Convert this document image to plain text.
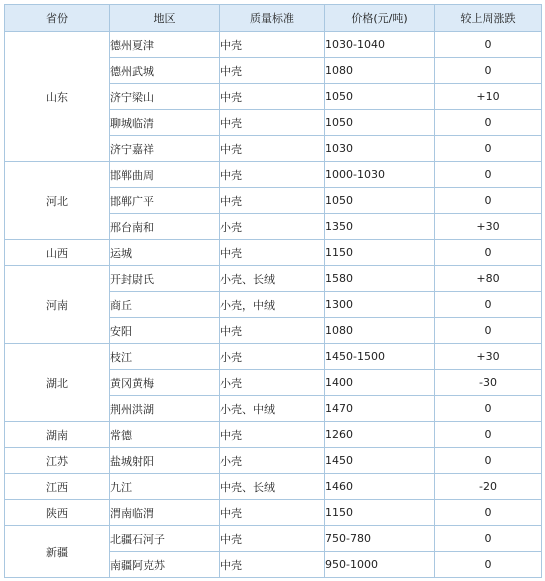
省份	地区	质量标准	价格(元/吨)	较上周涨跌
山东	德州夏津	中壳	1030-1040	0
	德州武城	中壳	1080	0
	济宁梁山	中壳	1050	+10
	聊城临清	中壳	1050	0
	济宁嘉祥	中壳	1030	0
河北	邯郸曲周	中壳	1000-1030	0
	邯郸广平	中壳	1050	0
	邢台南和	小壳	1350	+30
山西	运城	中壳	1150	0
河南	开封尉氏	小壳、长绒	1580	+80
	商丘	小壳，中绒	1300	0
	安阳	中壳	1080	0
湖北	枝江	小壳	1450-1500	+30
	黄冈黄梅	小壳	1400	-30
	荆州洪湖	小壳、中绒	1470	0
湖南	常德	中壳	1260	0
江苏	盐城射阳	小壳	1450	0
江西	九江	中壳、长绒	1460	-20
陕西	渭南临渭	中壳	1150	0
新疆	北疆石河子	中壳	750-780	0
	南疆阿克苏	中壳	950-1000	0
